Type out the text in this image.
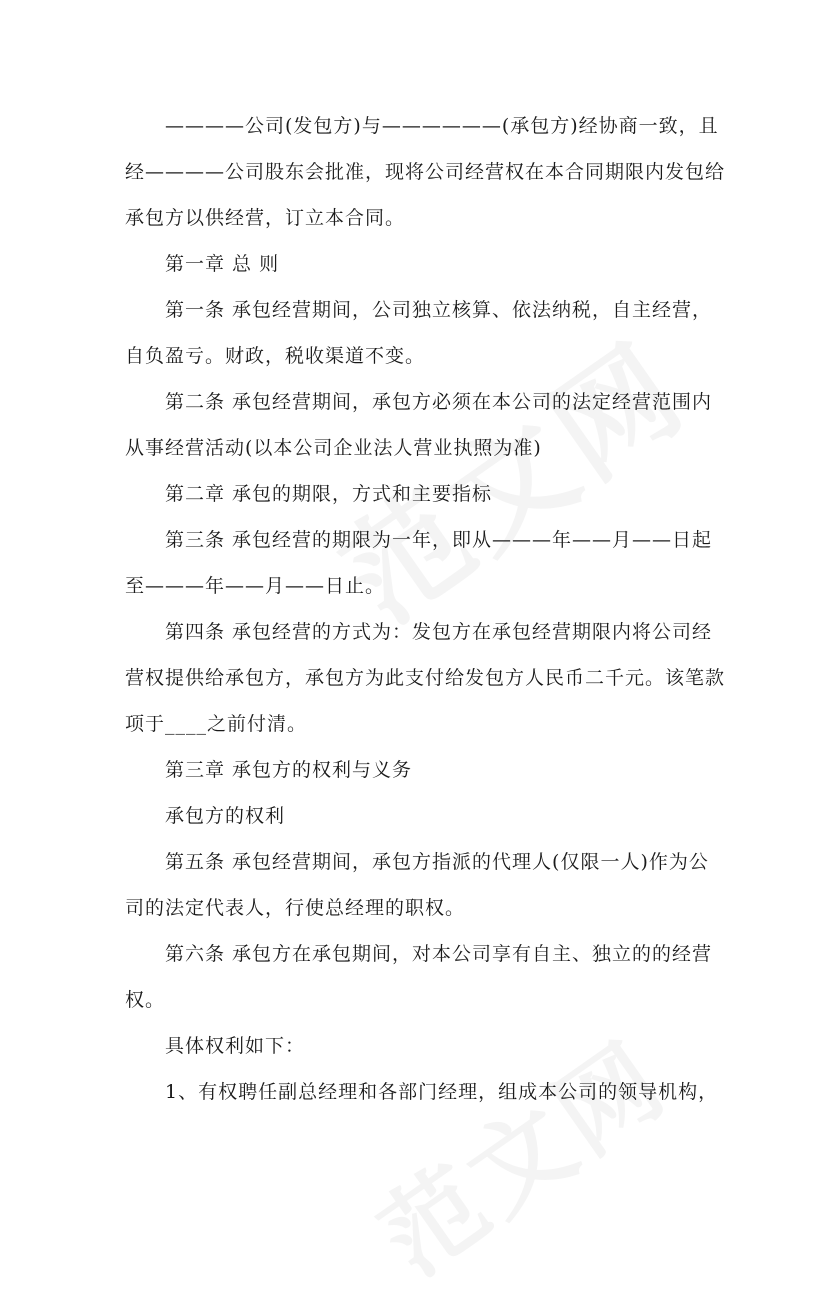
————公司(发包方)与——————(承包方)经协商一致，且
经————公司股东会批准，现将公司经营权在本合同期限内发包给
承包方以供经营，订立本合同。
第一章 总 则
第一条 承包经营期间，公司独立核算、依法纳税，自主经营，
自负盈亏。财政，税收渠道不变。
第二条 承包经营期间，承包方必须在本公司的法定经营范围内
从事经营活动(以本公司企业法人营业执照为准)
第二章 承包的期限，方式和主要指标
第三条 承包经营的期限为一年，即从———年——月——日起
至———年——月——日止。
第四条 承包经营的方式为：发包方在承包经营期限内将公司经
营权提供给承包方，承包方为此支付给发包方人民币二千元。该笔款
项于____之前付清。
第三章 承包方的权利与义务
承包方的权利
第五条 承包经营期间，承包方指派的代理人(仅限一人)作为公
司的法定代表人，行使总经理的职权。
第六条 承包方在承包期间，对本公司享有自主、独立的的经营
权。
具体权利如下：
1、有权聘任副总经理和各部门经理，组成本公司的领导机构，
